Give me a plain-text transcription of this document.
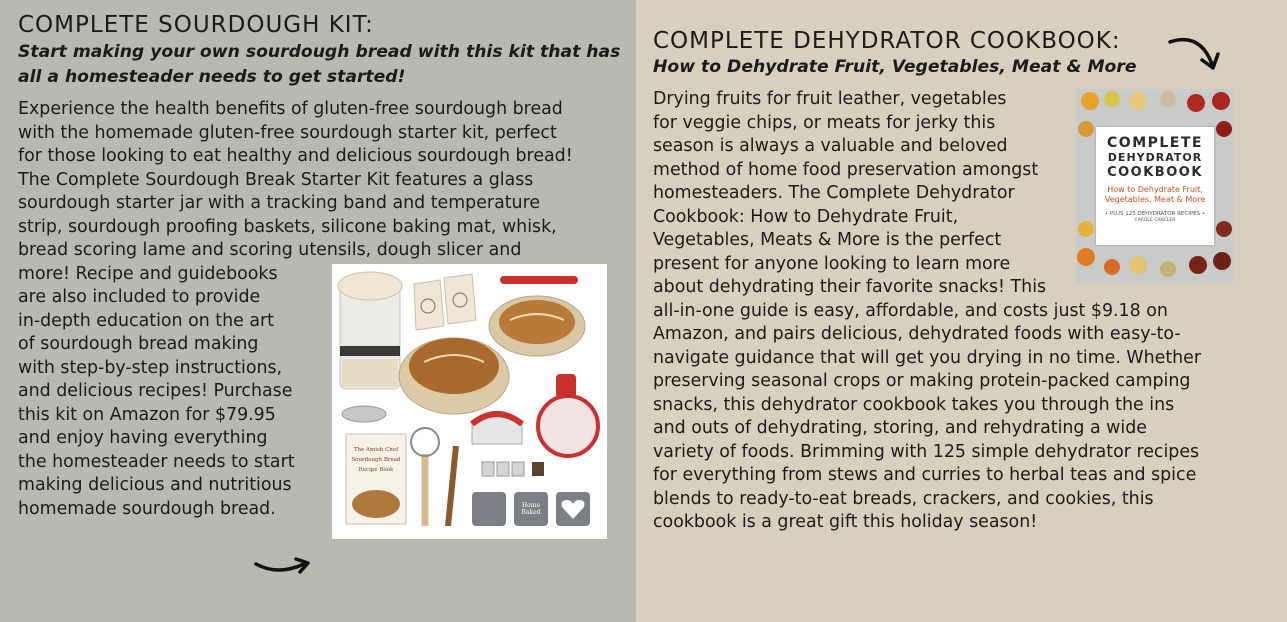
COMPLETE SOURDOUGH KIT:

Start making your own sourdough bread with this kit that has all a homesteader needs to get started!

Experience the health benefits of gluten-free sourdough bread
with the homemade gluten-free sourdough starter kit, perfect
for those looking to eat healthy and delicious sourdough bread!
The Complete Sourdough Break Starter Kit features a glass
sourdough starter jar with a tracking band and temperature
strip, sourdough proofing baskets, silicone baking mat, whisk,
bread scoring lame and scoring utensils, dough slicer and
more! Recipe and guidebooks
are also included to provide
in-depth education on the art
of sourdough bread making
with step-by-step instructions,
and delicious recipes! Purchase
this kit on Amazon for $79.95
and enjoy having everything
the homesteader needs to start
making delicious and nutritious
homemade sourdough bread.

The Amish Chef
Sourdough Bread
Recipe Book
Home Baked
COMPLETE DEHYDRATOR COOKBOOK:

How to Dehydrate Fruit, Vegetables, Meat & More

Drying fruits for fruit leather, vegetables
for veggie chips, or meats for jerky this
season is always a valuable and beloved
method of home food preservation amongst
homesteaders. The Complete Dehydrator
Cookbook: How to Dehydrate Fruit,
Vegetables, Meats & More is the perfect
present for anyone looking to learn more
about dehydrating their favorite snacks! This
all-in-one guide is easy, affordable, and costs just $9.18 on
Amazon, and pairs delicious, dehydrated foods with easy-to-
navigate guidance that will get you drying in no time. Whether
preserving seasonal crops or making protein-packed camping
snacks, this dehydrator cookbook takes you through the ins
and outs of dehydrating, storing, and rehydrating a wide
variety of foods. Brimming with 125 simple dehydrator recipes
for everything from stews and curries to herbal teas and spice
blends to ready-to-eat breads, crackers, and cookies, this
cookbook is a great gift this holiday season!

COMPLETE
DEHYDRATOR
COOKBOOK
How to Dehydrate Fruit, Vegetables, Meat & More
• PLUS 125 DEHYDRATOR RECIPES •
CAROLE CANCLER
